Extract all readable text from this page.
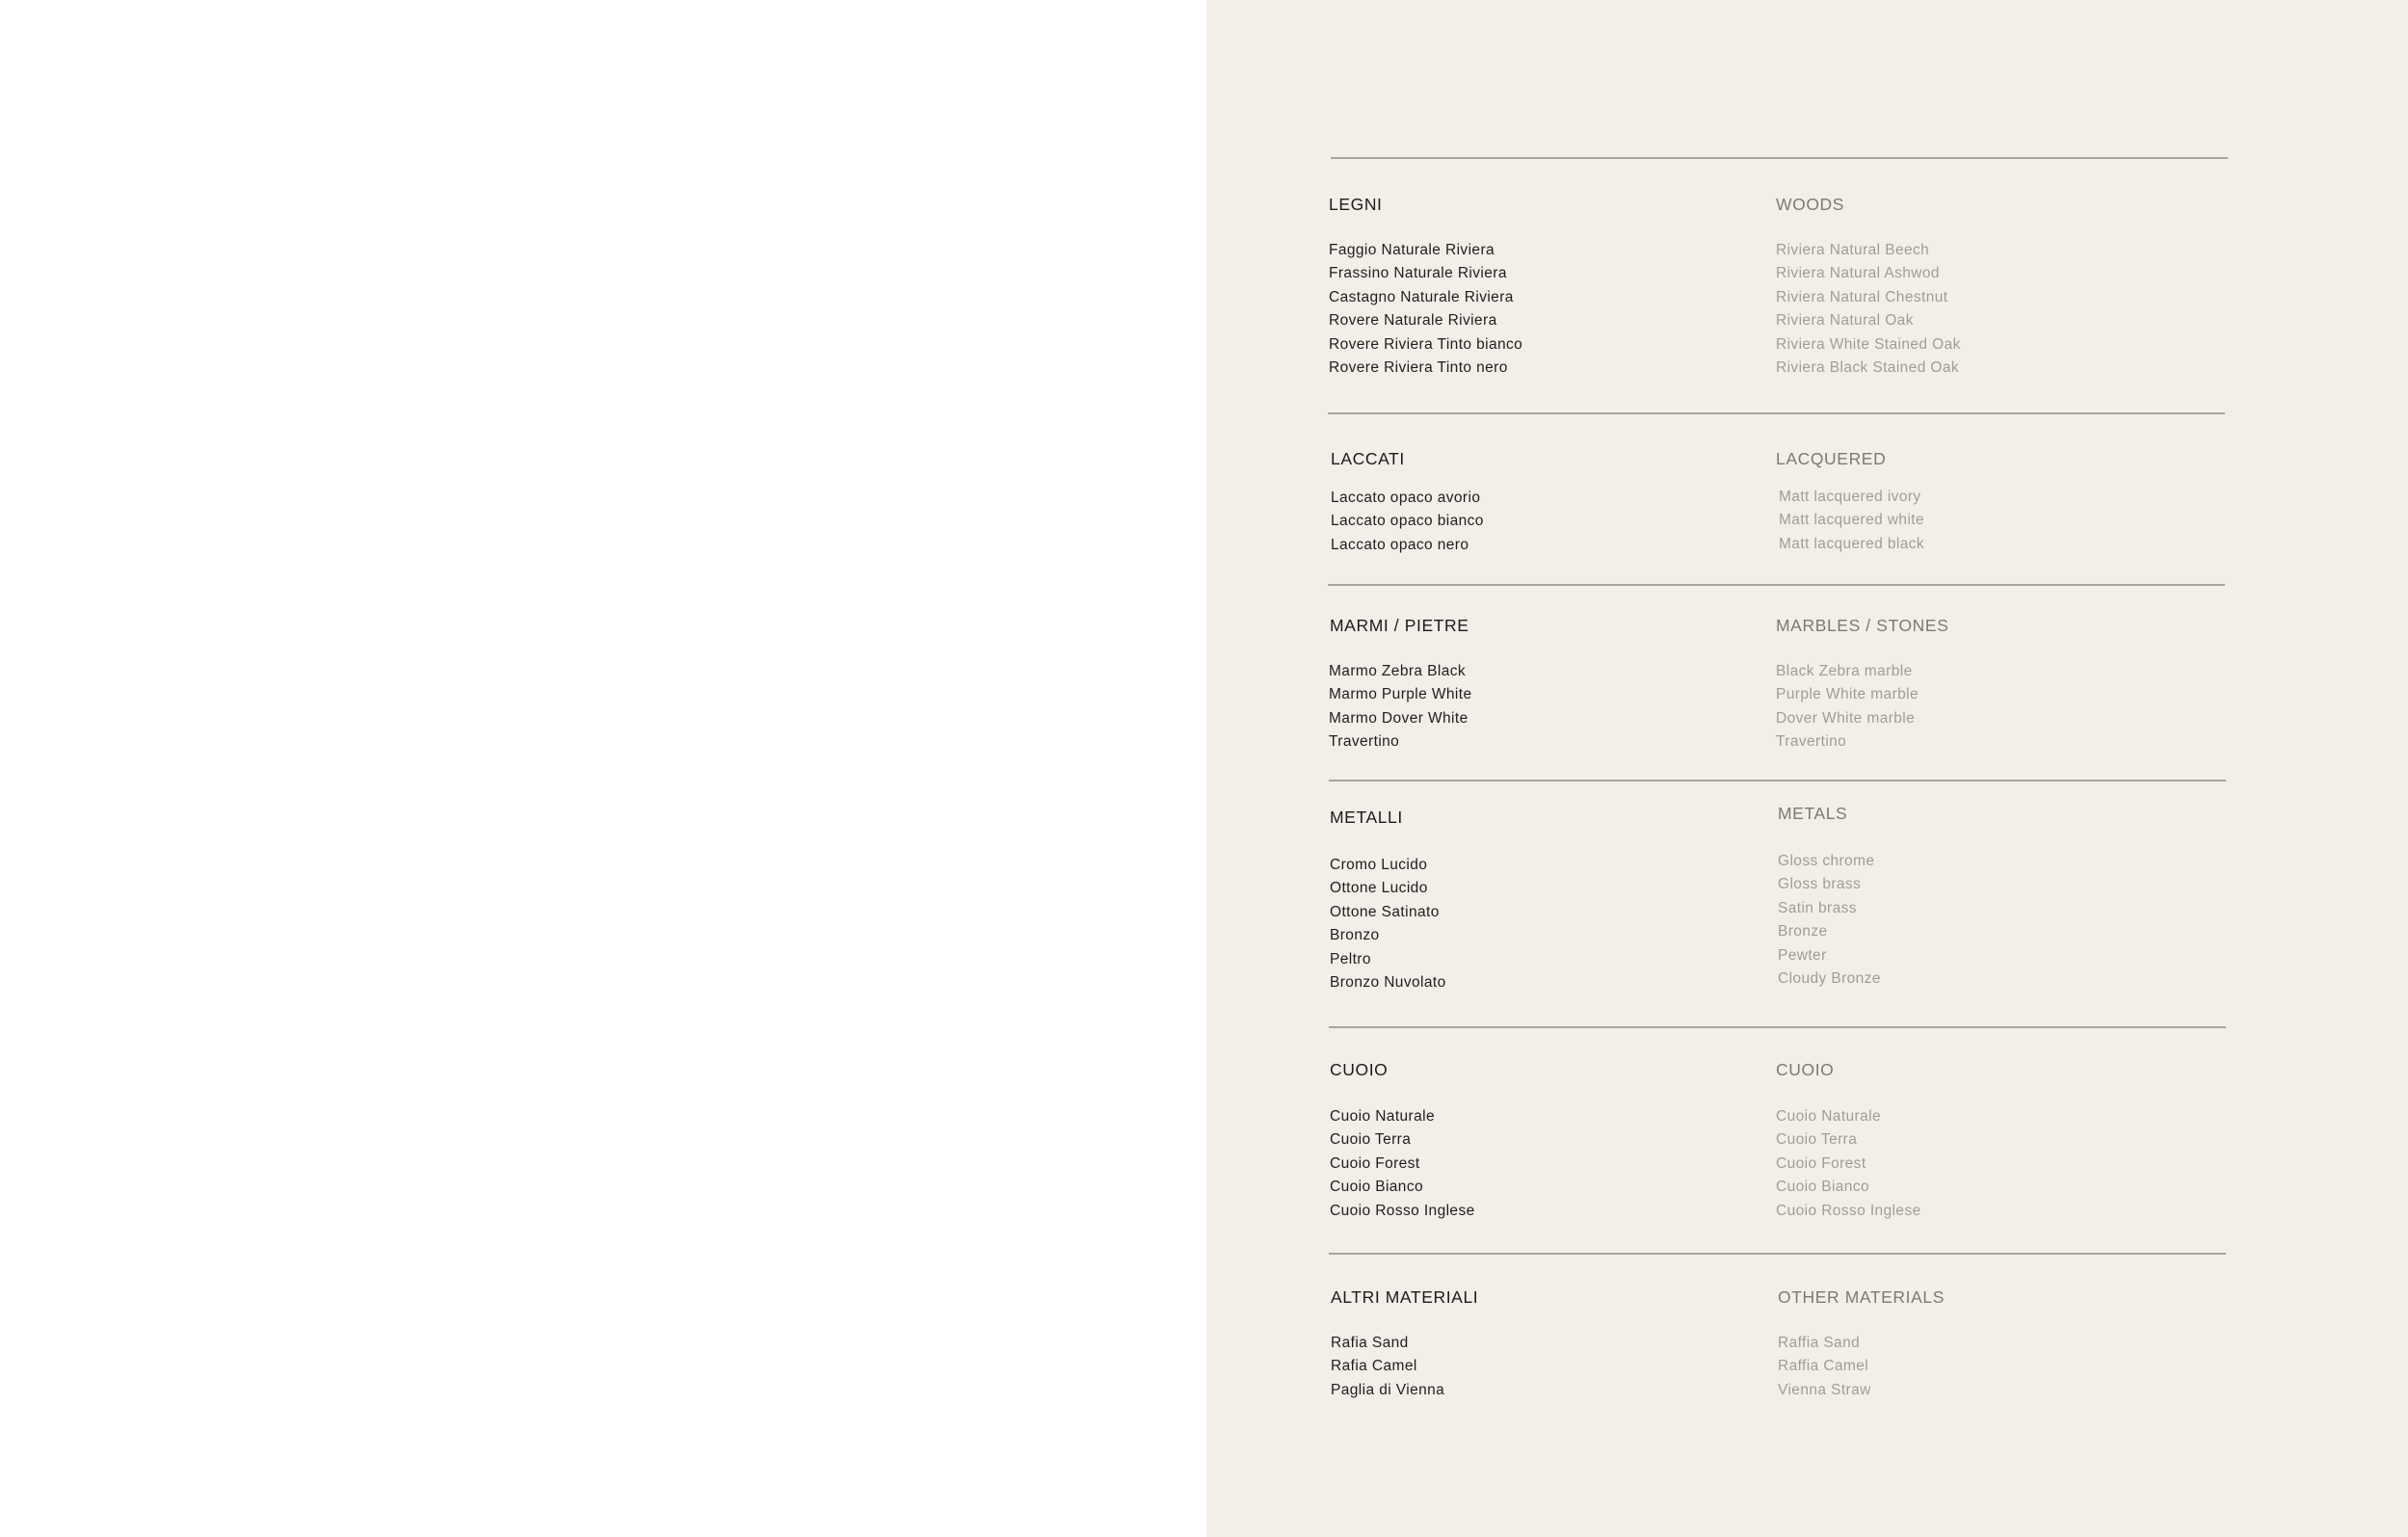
LEGNI
Faggio Naturale Riviera
Frassino Naturale Riviera
Castagno Naturale Riviera
Rovere Naturale Riviera
Rovere Riviera Tinto bianco
Rovere Riviera Tinto nero
WOODS
Riviera Natural Beech
Riviera Natural Ashwod
Riviera Natural Chestnut
Riviera Natural Oak
Riviera White Stained Oak
Riviera Black Stained Oak
LACCATI
Laccato opaco avorio
Laccato opaco bianco
Laccato opaco nero
LACQUERED
Matt lacquered ivory
Matt lacquered white
Matt lacquered black
MARMI / PIETRE
Marmo Zebra Black
Marmo Purple White
Marmo Dover White
Travertino
MARBLES / STONES
Black Zebra marble
Purple White marble
Dover White marble
Travertino
METALLI
Cromo Lucido
Ottone Lucido
Ottone Satinato
Bronzo
Peltro
Bronzo Nuvolato
METALS
Gloss chrome
Gloss brass
Satin brass
Bronze
Pewter
Cloudy Bronze
CUOIO
Cuoio Naturale
Cuoio Terra
Cuoio Forest
Cuoio Bianco
Cuoio Rosso Inglese
CUOIO
Cuoio Naturale
Cuoio Terra
Cuoio Forest
Cuoio Bianco
Cuoio Rosso Inglese
ALTRI MATERIALI
Rafia Sand
Rafia Camel
Paglia di Vienna
OTHER MATERIALS
Raffia Sand
Raffia Camel
Vienna Straw
